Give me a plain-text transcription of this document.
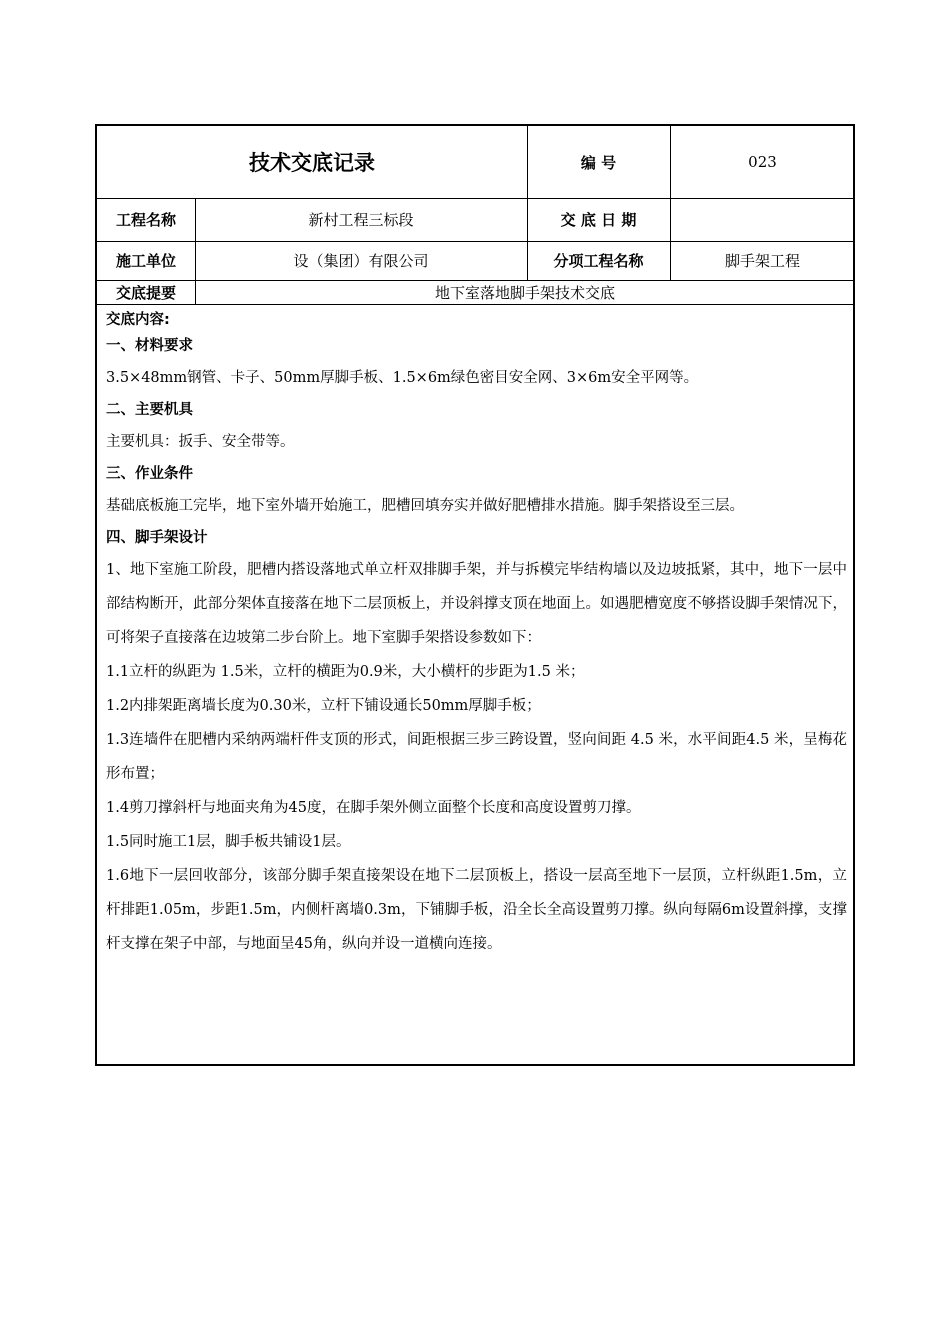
技术交底记录	编 号	023
工程名称	新村工程三标段	交 底 日 期
施工单位	设（集团）有限公司	分项工程名称	脚手架工程
交底提要	地下室落地脚手架技术交底
交底内容:
一、材料要求

3.5×48mm钢管、卡子、50mm厚脚手板、1.5×6m绿色密目安全网、3×6m安全平网等。

二、主要机具

主要机具：扳手、安全带等。

三、作业条件

基础底板施工完毕，地下室外墙开始施工，肥槽回填夯实并做好肥槽排水措施。脚手架搭设至三层。

四、脚手架设计

1、地下室施工阶段，肥槽内搭设落地式单立杆双排脚手架，并与拆模完毕结构墙以及边坡抵紧，其中，地下一层中部结构断开，此部分架体直接落在地下二层顶板上，并设斜撑支顶在地面上。如遇肥槽宽度不够搭设脚手架情况下，可将架子直接落在边坡第二步台阶上。地下室脚手架搭设参数如下：

1.1立杆的纵距为 1.5米，立杆的横距为0.9米，大小横杆的步距为1.5 米；

1.2内排架距离墙长度为0.30米，立杆下铺设通长50mm厚脚手板；

1.3连墙件在肥槽内采纳两端杆件支顶的形式，间距根据三步三跨设置，竖向间距 4.5 米，水平间距4.5 米，呈梅花形布置；

1.4剪刀撑斜杆与地面夹角为45度，在脚手架外侧立面整个长度和高度设置剪刀撑。

1.5同时施工1层，脚手板共铺设1层。

1.6地下一层回收部分，该部分脚手架直接架设在地下二层顶板上，搭设一层高至地下一层顶，立杆纵距1.5m，立杆排距1.05m，步距1.5m，内侧杆离墙0.3m，下铺脚手板，沿全长全高设置剪刀撑。纵向每隔6m设置斜撑，支撑杆支撑在架子中部，与地面呈45角，纵向并设一道横向连接。
